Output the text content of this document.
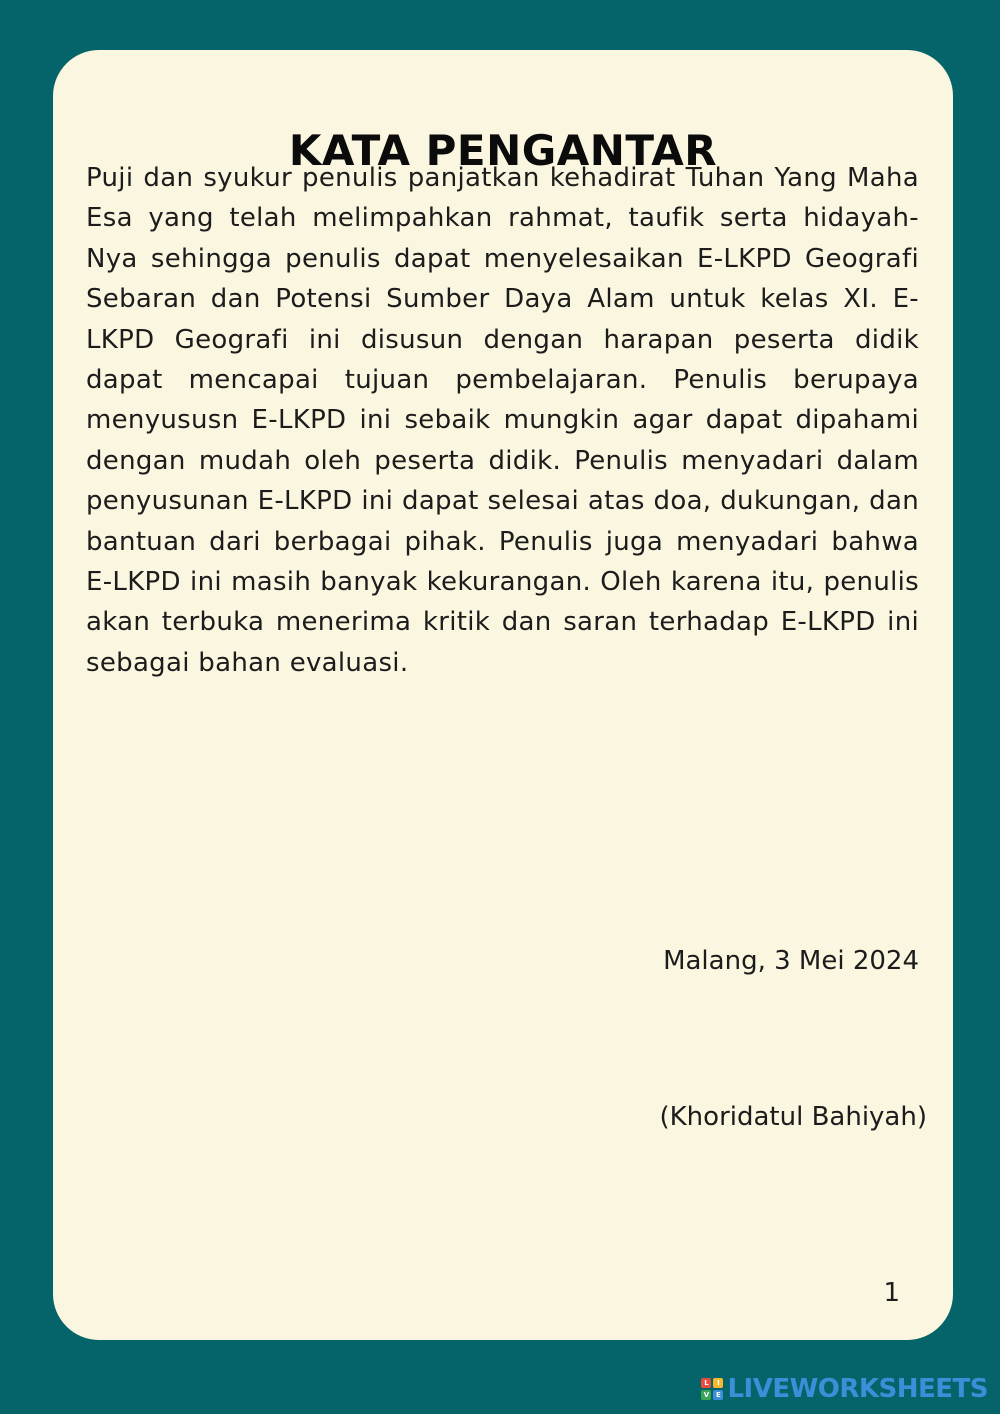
KATA PENGANTAR

Puji dan syukur penulis panjatkan kehadirat Tuhan Yang Maha Esa yang telah melimpahkan rahmat, taufik serta hidayah-Nya sehingga penulis dapat menyelesaikan E-LKPD Geografi Sebaran dan Potensi Sumber Daya Alam untuk kelas XI. E-LKPD Geografi ini disusun dengan harapan peserta didik dapat mencapai tujuan pembelajaran. Penulis berupaya menyususn E-LKPD ini sebaik mungkin agar dapat dipahami dengan mudah oleh peserta didik. Penulis menyadari dalam penyusunan E-LKPD ini dapat selesai atas doa, dukungan, dan bantuan dari berbagai pihak. Penulis juga menyadari bahwa E-LKPD ini masih banyak kekurangan. Oleh karena itu, penulis akan terbuka menerima kritik dan saran terhadap E-LKPD ini sebagai bahan evaluasi.

Malang, 3 Mei 2024

(Khoridatul Bahiyah)

1

L	I
V E LIVEWORKSHEETS
